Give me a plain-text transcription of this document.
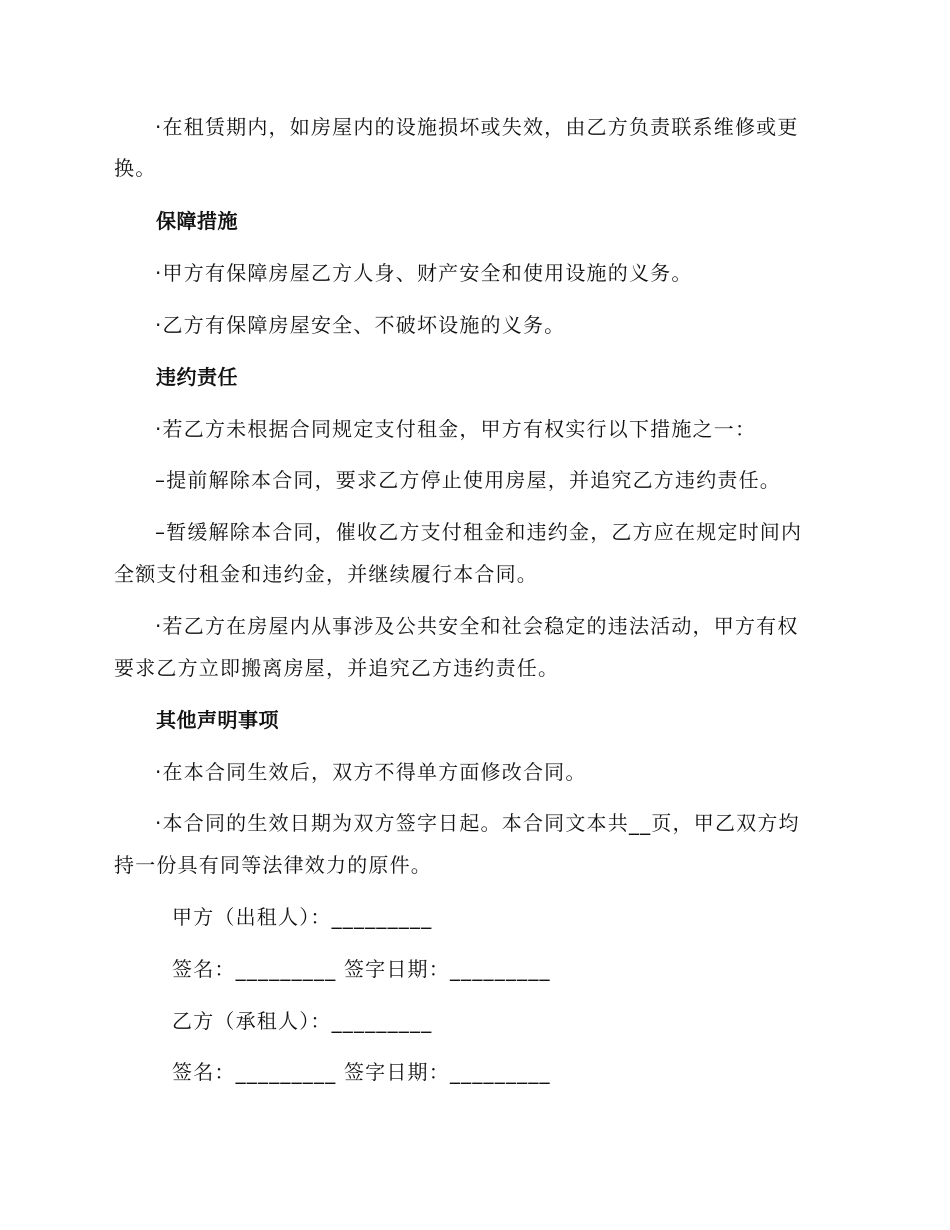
·在租赁期内，如房屋内的设施损坏或失效，由乙方负责联系维修或更
换。
保障措施
·甲方有保障房屋乙方人身、财产安全和使用设施的义务。
·乙方有保障房屋安全、不破坏设施的义务。
违约责任
·若乙方未根据合同规定支付租金，甲方有权实行以下措施之一：
–提前解除本合同，要求乙方停止使用房屋，并追究乙方违约责任。
–暂缓解除本合同，催收乙方支付租金和违约金，乙方应在规定时间内
全额支付租金和违约金，并继续履行本合同。
·若乙方在房屋内从事涉及公共安全和社会稳定的违法活动，甲方有权
要求乙方立即搬离房屋，并追究乙方违约责任。
其他声明事项
·在本合同生效后，双方不得单方面修改合同。
·本合同的生效日期为双方签字日起。本合同文本共__页，甲乙双方均
持一份具有同等法律效力的原件。
甲方（出租人）：_________
签名：_________ 签字日期：_________
乙方（承租人）：_________
签名：_________ 签字日期：_________
